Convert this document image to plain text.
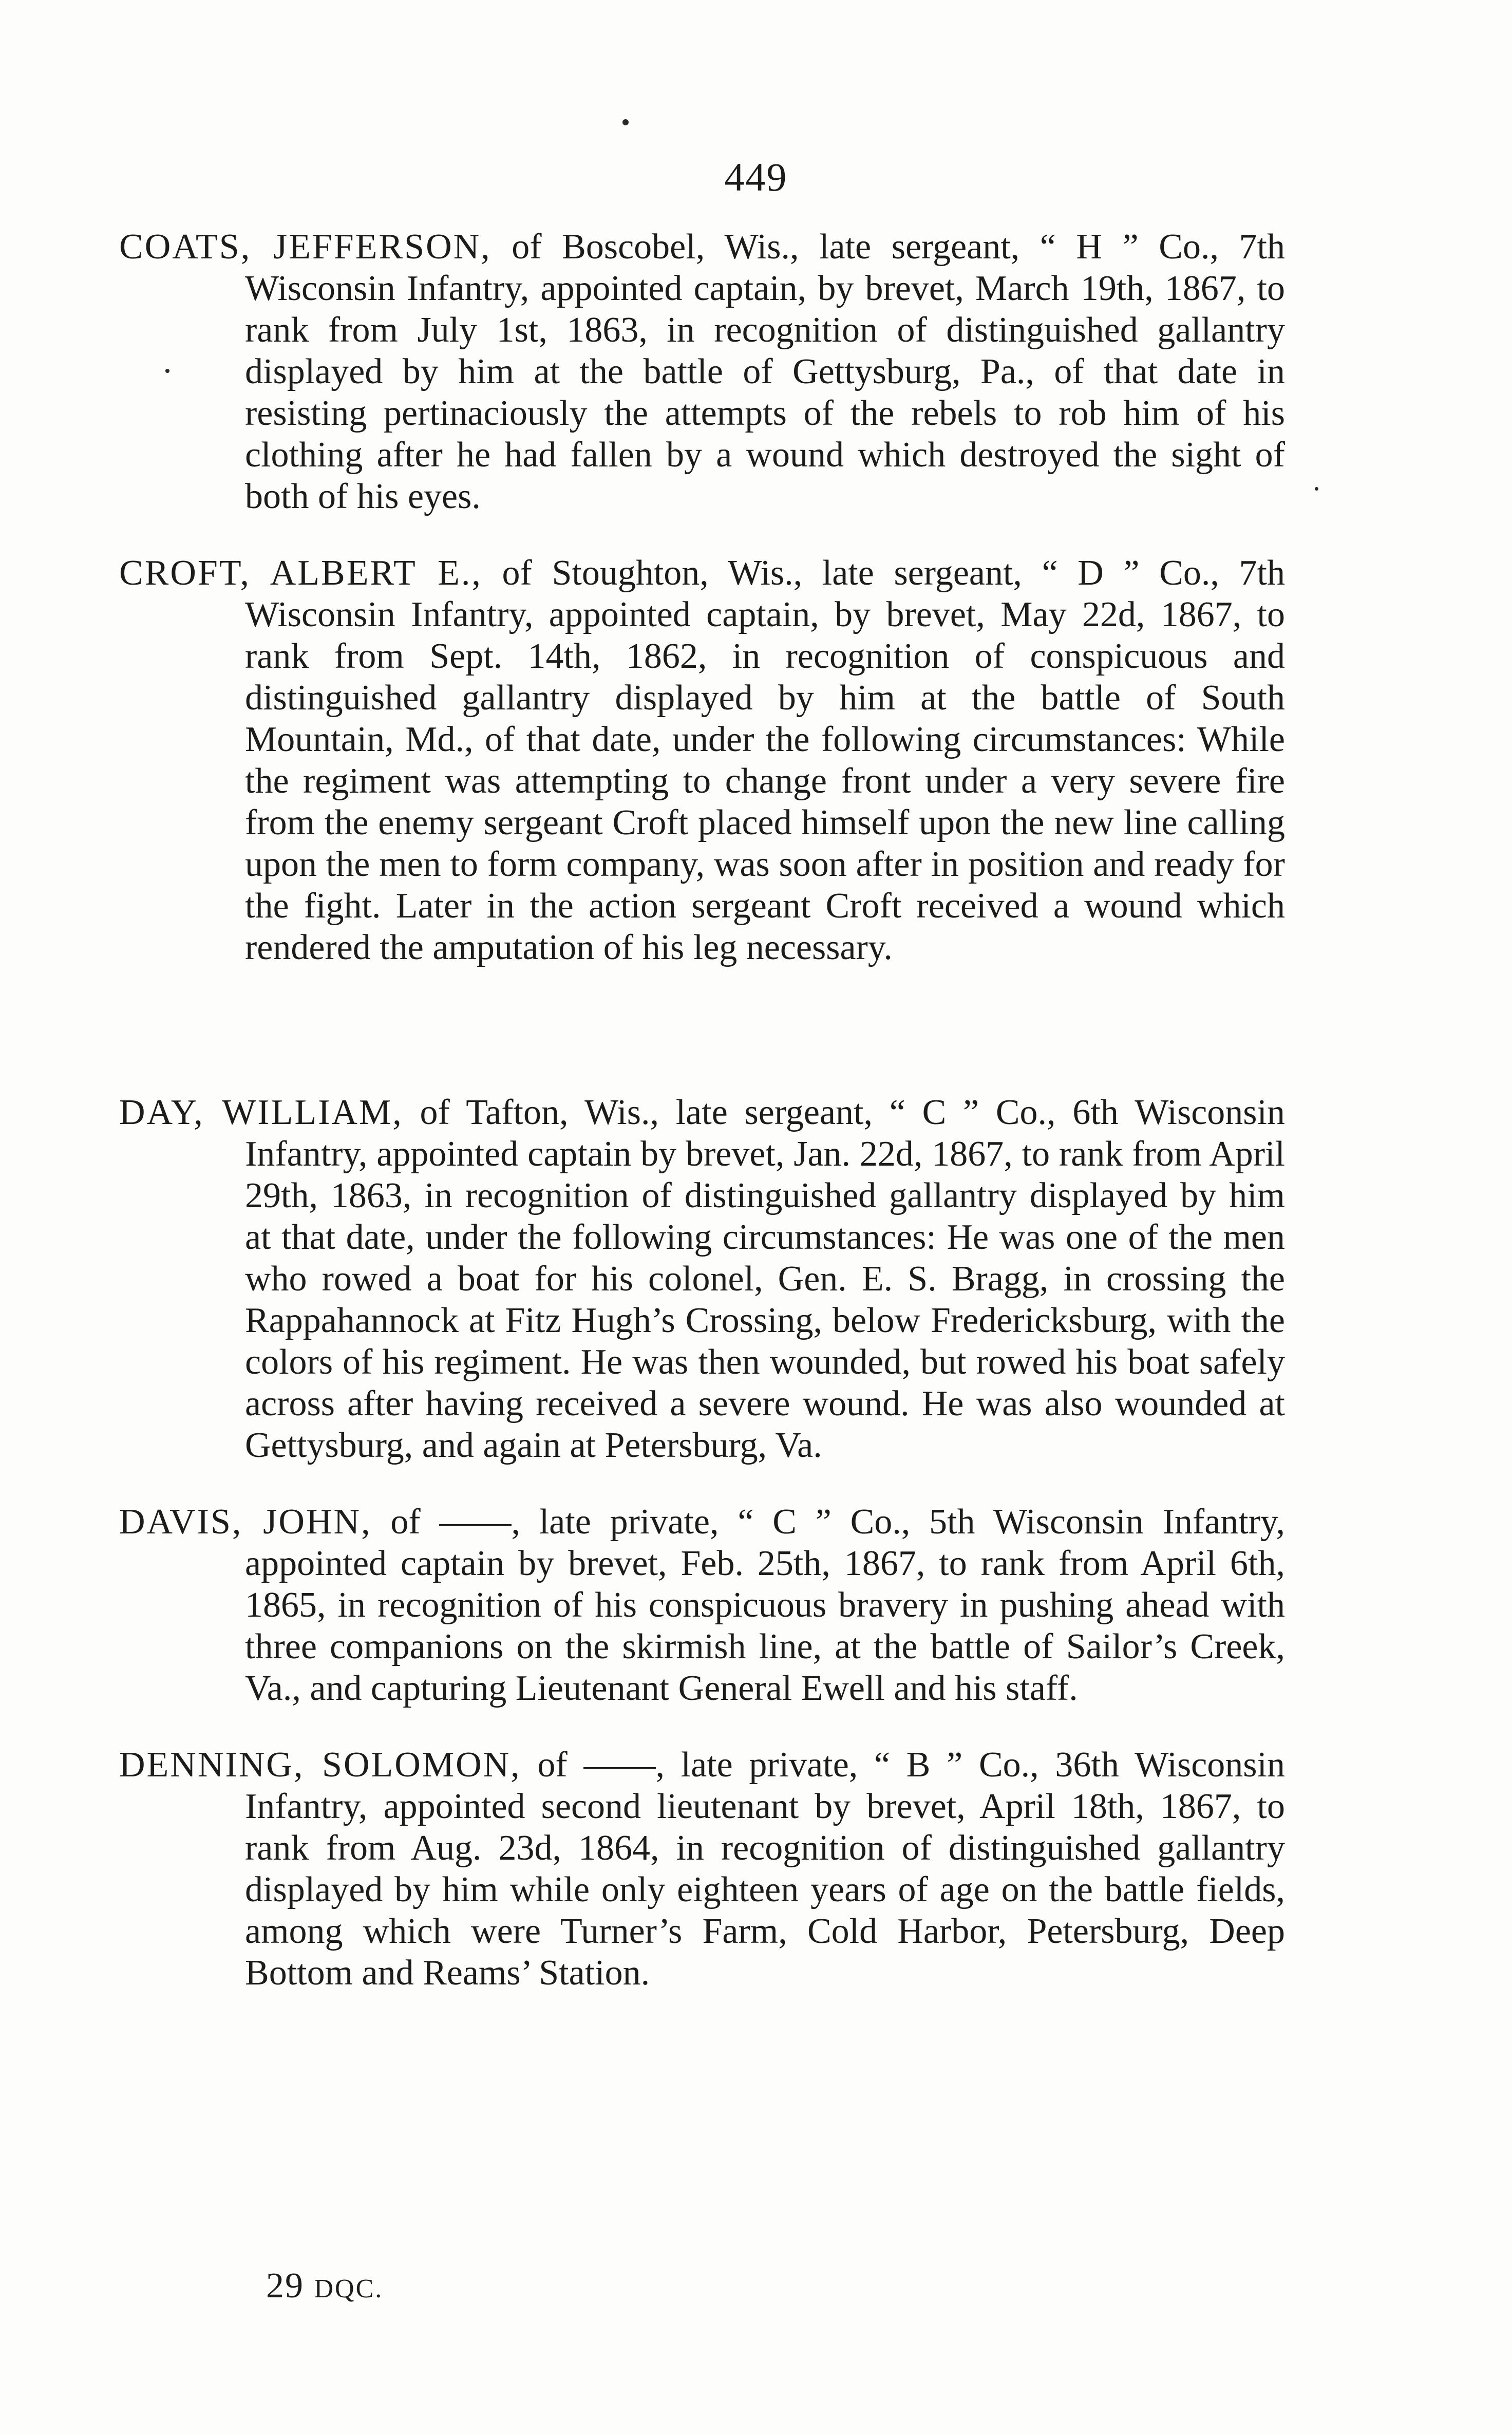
449

COATS, JEFFERSON, of Boscobel, Wis., late sergeant, “ H ” Co., 7th Wisconsin Infantry, appointed captain, by brevet, March 19th, 1867, to rank from July 1st, 1863, in recognition of distinguished gallantry displayed by him at the battle of Gettysburg, Pa., of that date in resisting pertinaciously the attempts of the rebels to rob him of his clothing after he had fallen by a wound which destroyed the sight of both of his eyes.

CROFT, ALBERT E., of Stoughton, Wis., late sergeant, “ D ” Co., 7th Wisconsin Infantry, appointed captain, by brevet, May 22d, 1867, to rank from Sept. 14th, 1862, in recognition of conspicuous and distinguished gallantry displayed by him at the battle of South Mountain, Md., of that date, under the following circumstances: While the regiment was attempting to change front under a very severe fire from the enemy sergeant Croft placed himself upon the new line calling upon the men to form company, was soon after in position and ready for the fight. Later in the action sergeant Croft received a wound which rendered the amputation of his leg necessary.

DAY, WILLIAM, of Tafton, Wis., late sergeant, “ C ” Co., 6th Wisconsin Infantry, appointed captain by brevet, Jan. 22d, 1867, to rank from April 29th, 1863, in recognition of distinguished gallantry displayed by him at that date, under the following circumstances: He was one of the men who rowed a boat for his colonel, Gen. E. S. Bragg, in crossing the Rappahannock at Fitz Hugh’s Crossing, below Fredericksburg, with the colors of his regiment. He was then wounded, but rowed his boat safely across after having received a severe wound. He was also wounded at Gettysburg, and again at Petersburg, Va.

DAVIS, JOHN, of ——, late private, “ C ” Co., 5th Wisconsin Infantry, appointed captain by brevet, Feb. 25th, 1867, to rank from April 6th, 1865, in recognition of his conspicuous bravery in pushing ahead with three companions on the skirmish line, at the battle of Sailor’s Creek, Va., and capturing Lieutenant General Ewell and his staff.

DENNING, SOLOMON, of ——, late private, “ B ” Co., 36th Wisconsin Infantry, appointed second lieutenant by brevet, April 18th, 1867, to rank from Aug. 23d, 1864, in recognition of distinguished gallantry displayed by him while only eighteen years of age on the battle fields, among which were Turner’s Farm, Cold Harbor, Petersburg, Deep Bottom and Reams’ Station.

29 DQC.
